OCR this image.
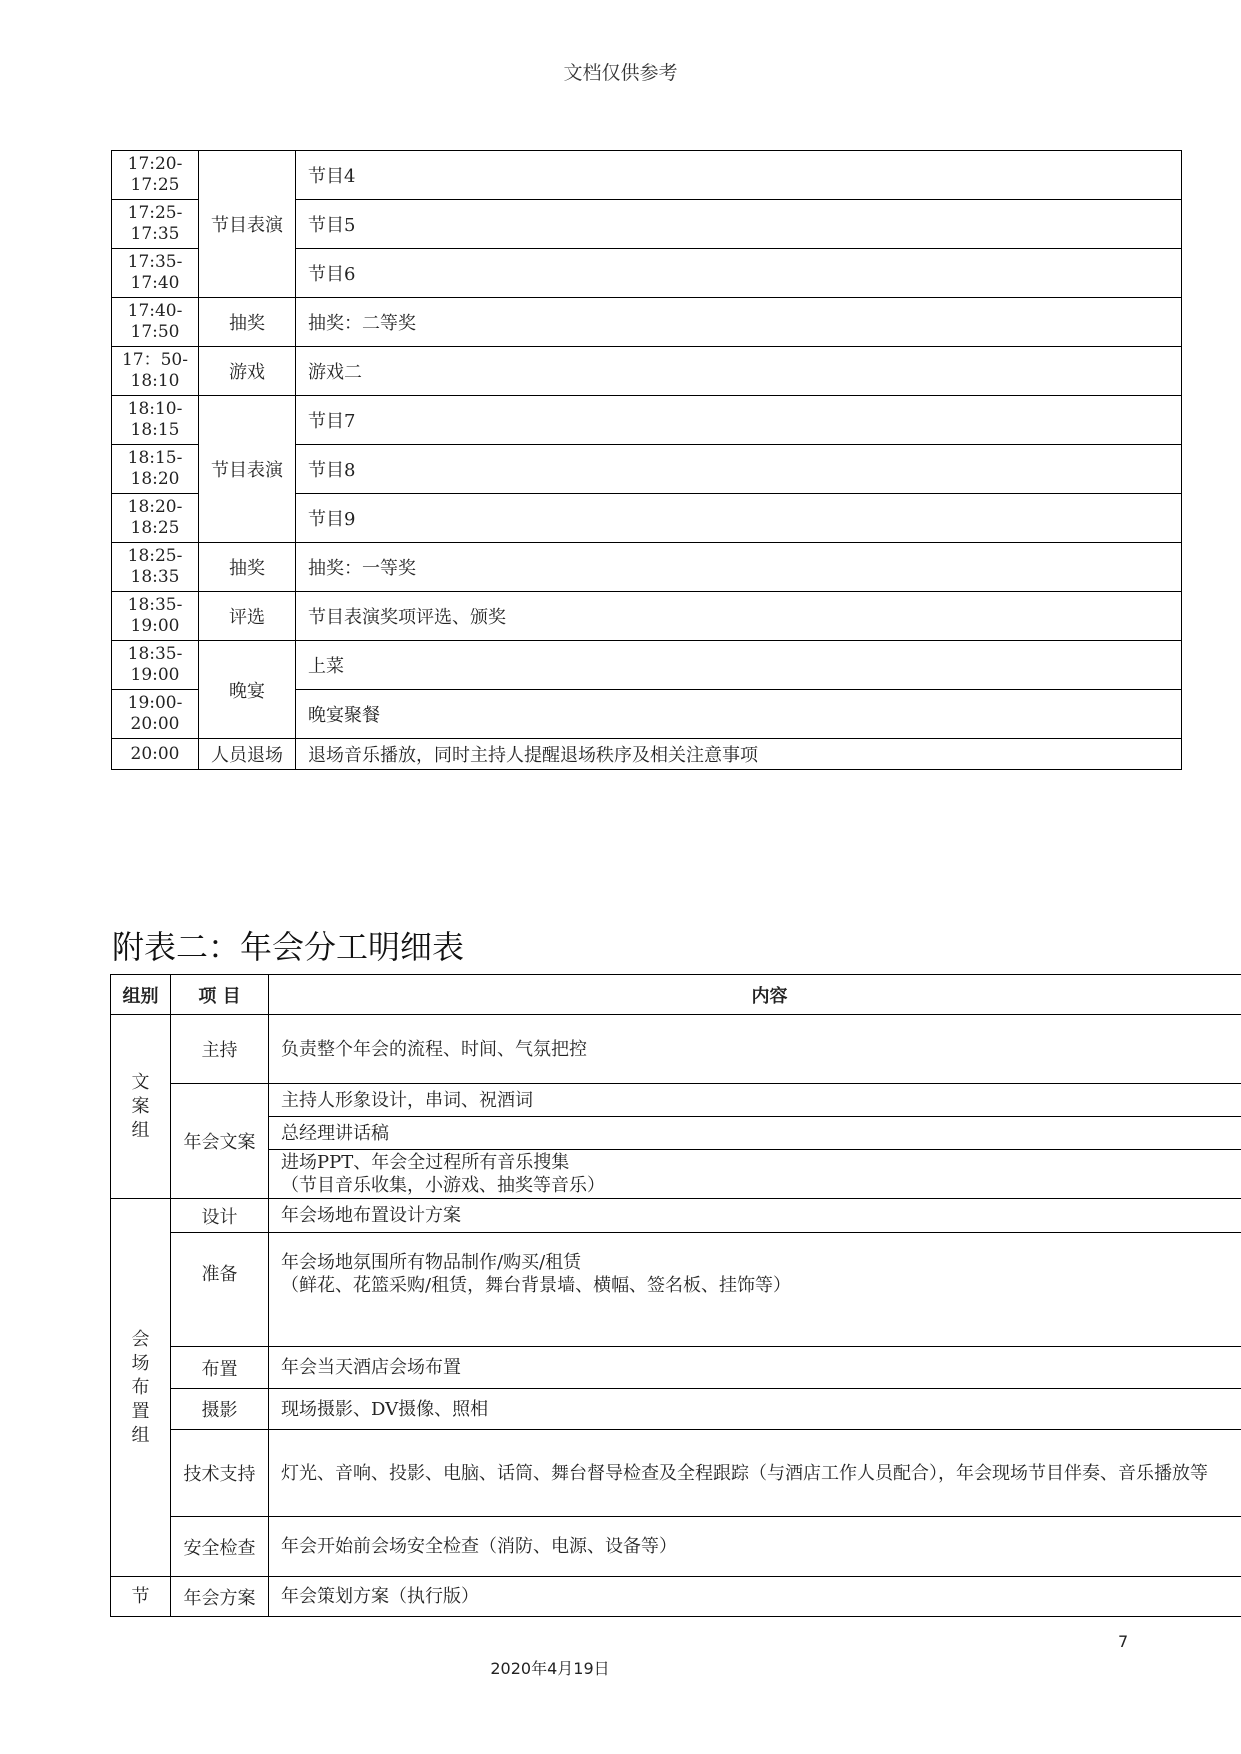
文档仅供参考
17:20-
17:25	节目表演	节目4
17:25-
17:35		节目5
17:35-
17:40		节目6
17:40-
17:50	抽奖	抽奖：二等奖
17：50-
18:10	游戏	游戏二
18:10-
18:15	节目表演	节目7
18:15-
18:20		节目8
18:20-
18:25		节目9
18:25-
18:35	抽奖	抽奖：一等奖
18:35-
19:00	评选	节目表演奖项评选、颁奖
18:35-
19:00	晚宴	上菜
19:00-
20:00		晚宴聚餐
20:00	人员退场	退场音乐播放，同时主持人提醒退场秩序及相关注意事项
附表二：年会分工明细表
组别	项 目	内容
文
案
组	主持	负责整个年会的流程、时间、气氛把控
	年会文案	主持人形象设计，串词、祝酒词
		总经理讲话稿
		进场PPT、年会全过程所有音乐搜集
（节目音乐收集，小游戏、抽奖等音乐）
会
场
布
置
组	设计	年会场地布置设计方案
	准备	年会场地氛围所有物品制作/购买/租赁
（鲜花、花篮采购/租赁，舞台背景墙、横幅、签名板、挂饰等）
	布置	年会当天酒店会场布置
	摄影	现场摄影、DV摄像、照相
	技术支持	灯光、音响、投影、电脑、话筒、舞台督导检查及全程跟踪（与酒店工作人员配合），年会现场节目伴奏、音乐播放等
	安全检查	年会开始前会场安全检查（消防、电源、设备等）
节	年会方案	年会策划方案（执行版）
7
2020年4月19日
